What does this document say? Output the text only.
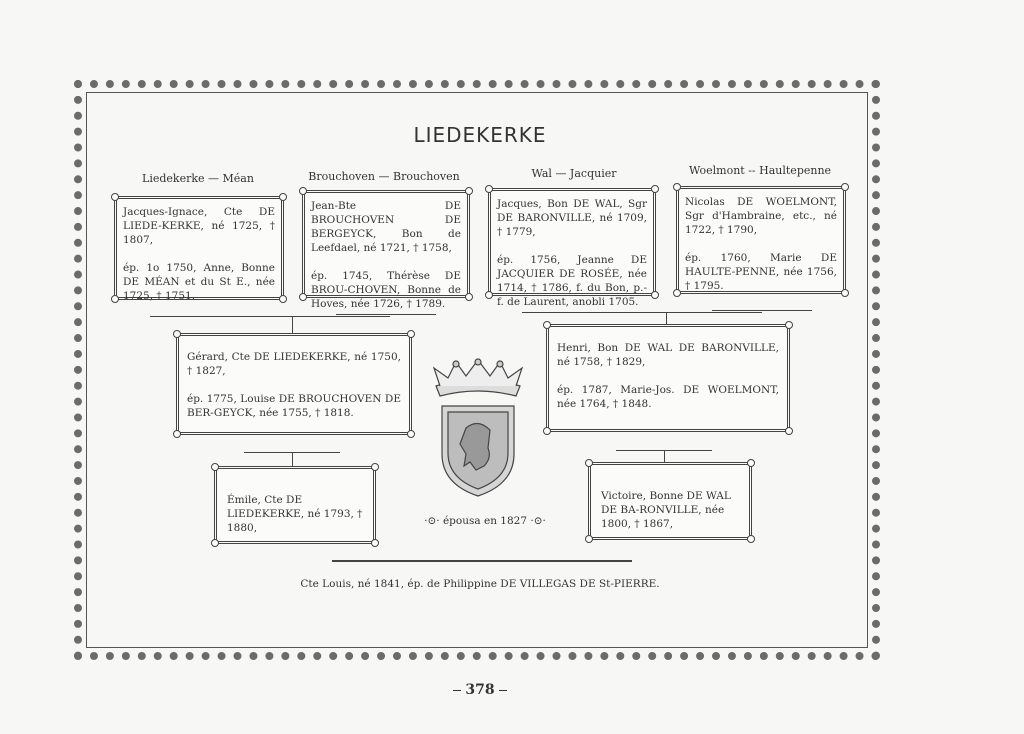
LIEDEKERKE
Liedekerke — Méan	Brouchoven — Brouchoven	Wal — Jacquier	Woelmont -- Haultepenne

Jacques-Ignace, Cte DE LIEDE-KERKE, né 1725, † 1807,

ép. 1o 1750, Anne, Bonne DE MÉAN et du St E., née 1725, † 1751.

Jean-Bte DE BROUCHOVEN DE BERGEYCK, Bon de Leefdael, né 1721, † 1758,

ép. 1745, Thérèse DE BROU-CHOVEN, Bonne de Hoves, née 1726, † 1789.

Jacques, Bon DE WAL, Sgr DE BARONVILLE, né 1709, † 1779,

ép. 1756, Jeanne DE JACQUIER DE ROSÉE, née 1714, † 1786, f. du Bon, p.-f. de Laurent, anobli 1705.

Nicolas DE WOELMONT, Sgr d'Hambraine, etc., né 1722, † 1790,

ép. 1760, Marie DE HAULTE-PENNE, née 1756, † 1795.

Gérard, Cte DE LIEDEKERKE, né 1750, † 1827,

ép. 1775, Louise DE BROUCHOVEN DE BER-GEYCK, née 1755, † 1818.

Henri, Bon DE WAL DE BARONVILLE, né 1758, † 1829,

ép. 1787, Marie-Jos. DE WOELMONT, née 1764, † 1848.

Émile, Cte DE LIEDEKERKE, né 1793, † 1880,

Victoire, Bonne DE WAL DE BA-RONVILLE, née 1800, † 1867,

·⊙· épousa en 1827 ·⊙·
Cte Louis, né 1841, ép. de Philippine DE VILLEGAS DE St-PIERRE.
378
